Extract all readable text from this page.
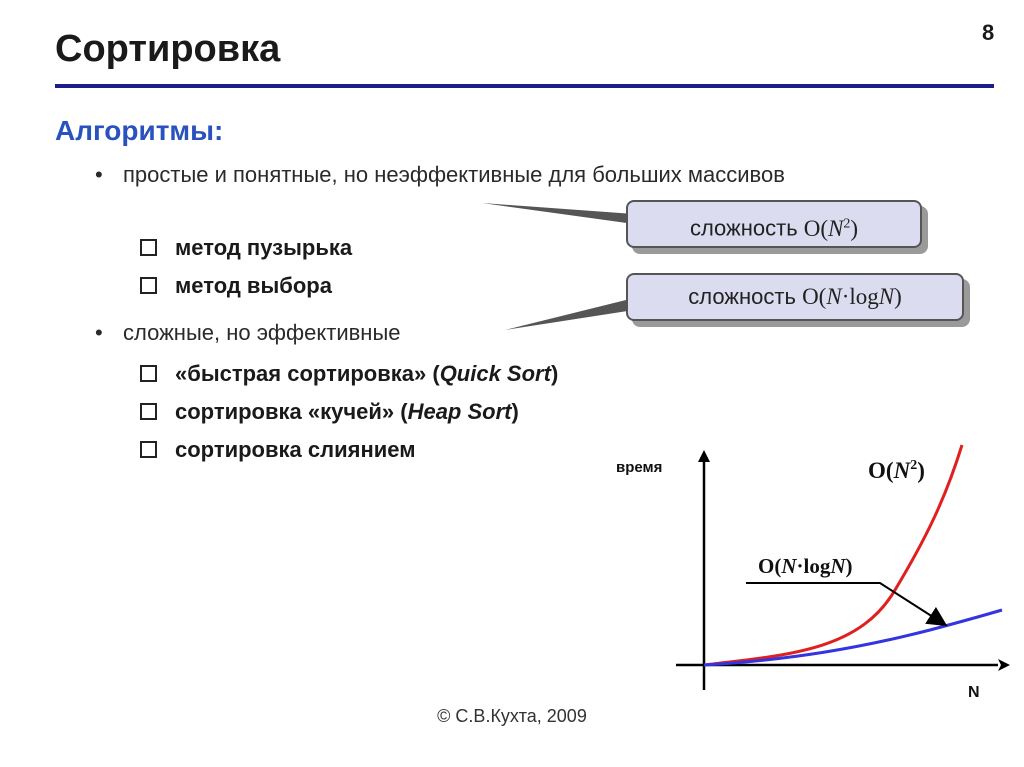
Сортировка	8
Алгоритмы:
• простые и понятные, но неэффективные для больших массивов
метод пузырька
метод выбора
• сложные, но эффективные
«быстрая сортировка» (Quick Sort)
сортировка «кучей» (Heap Sort)
сортировка слиянием
сложность $O(N^2)$
сложность O(N·logN)
время
N
$O(N^2)$
O(N·logN)
© С.В.Кухта, 2009
